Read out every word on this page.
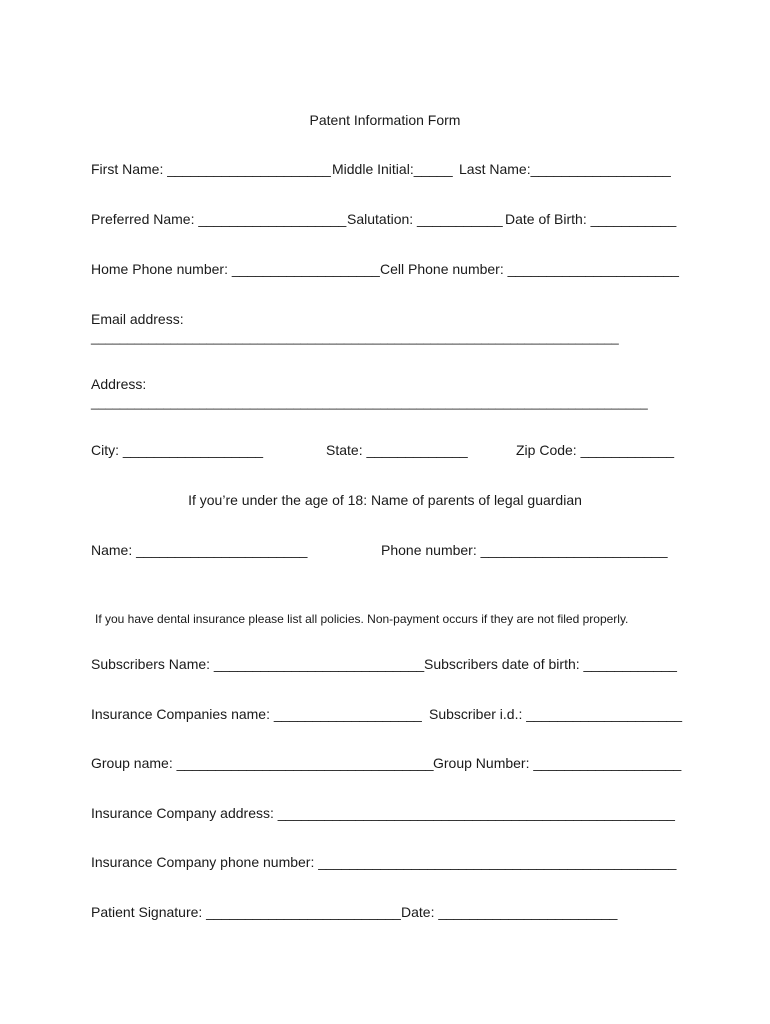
Patent Information Form
First Name: _____________________ Middle Initial:_____ Last Name:__________________
Preferred Name: ___________________ Salutation: ___________ Date of Birth: ___________
Home Phone number: ___________________ Cell Phone number: ______________________
Email address:
_________________________________________________________________________
Address:
_____________________________________________________________________________
City: __________________	State: _____________	Zip Code: ____________
If you’re under the age of 18: Name of parents of legal guardian
Name: ______________________	Phone number: ________________________
If you have dental insurance please list all policies. Non-payment occurs if they are not filed properly.
Subscribers Name: ___________________________ Subscribers date of birth: ____________
Insurance Companies name: ___________________ Subscriber i.d.: ____________________
Group name: _________________________________ Group Number: ___________________
Insurance Company address: ___________________________________________________
Insurance Company phone number: ______________________________________________
Patient Signature: _________________________ Date: _______________________
